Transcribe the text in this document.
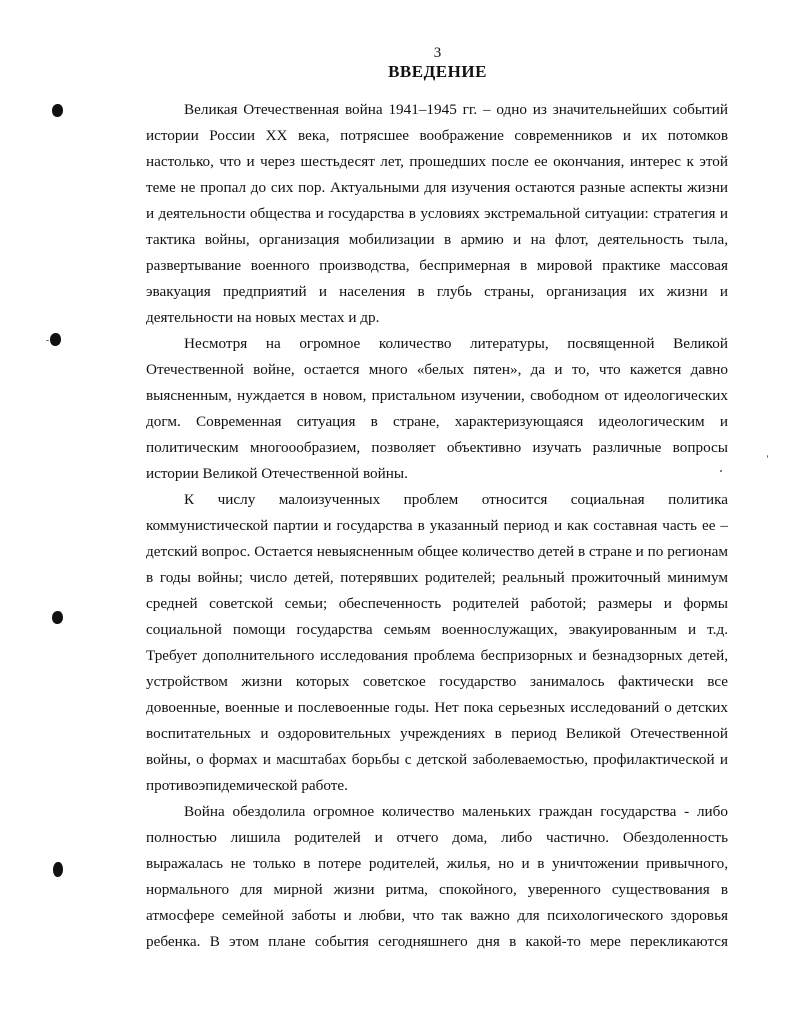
3
ВВЕДЕНИЕ

Великая Отечественная война 1941–1945 гг. – одно из значительнейших событий истории России XX века, потрясшее воображение современников и их потомков настолько, что и через шестьдесят лет, прошедших после ее окончания, интерес к этой теме не пропал до сих пор. Актуальными для изучения остаются разные аспекты жизни и деятельности общества и государства в условиях экстремальной ситуации: стратегия и тактика войны, организация мобилизации в армию и на флот, деятельность тыла, развертывание военного производства, беспримерная в мировой практике массовая эвакуация предприятий и населения в глубь страны, организация их жизни и деятельности на новых местах и др.

Несмотря на огромное количество литературы, посвященной Великой Отечественной войне, остается много «белых пятен», да и то, что кажется давно выясненным, нуждается в новом, пристальном изучении, свободном от идеологических догм. Современная ситуация в стране, характеризующаяся идеологическим и политическим многоообразием, позволяет объективно изучать различные вопросы истории Великой Отечественной войны.

К числу малоизученных проблем относится социальная политика коммунистической партии и государства в указанный период и как составная часть ее – детский вопрос. Остается невыясненным общее количество детей в стране и по регионам в годы войны; число детей, потерявших родителей; реальный прожиточный минимум средней советской семьи; обеспеченность родителей работой; размеры и формы социальной помощи государства семьям военнослужащих, эвакуированным и т.д. Требует дополнительного исследования проблема беспризорных и безнадзорных детей, устройством жизни которых советское государство занималось фактически все довоенные, военные и послевоенные годы. Нет пока серьезных исследований о детских воспитательных и оздоровительных учреждениях в период Великой Отечественной войны, о формах и масштабах борьбы с детской заболеваемостью, профилактической и противоэпидемической работе.

Война обездолила огромное количество маленьких граждан государства - либо полностью лишила родителей и отчего дома, либо частично. Обездоленность выражалась не только в потере родителей, жилья, но и в уничтожении привычного, нормального для мирной жизни ритма, спокойного, уверенного существования в атмосфере семейной заботы и любви, что так важно для психологического здоровья ребенка. В этом плане события сегодняшнего дня в какой-то мере перекликаются
